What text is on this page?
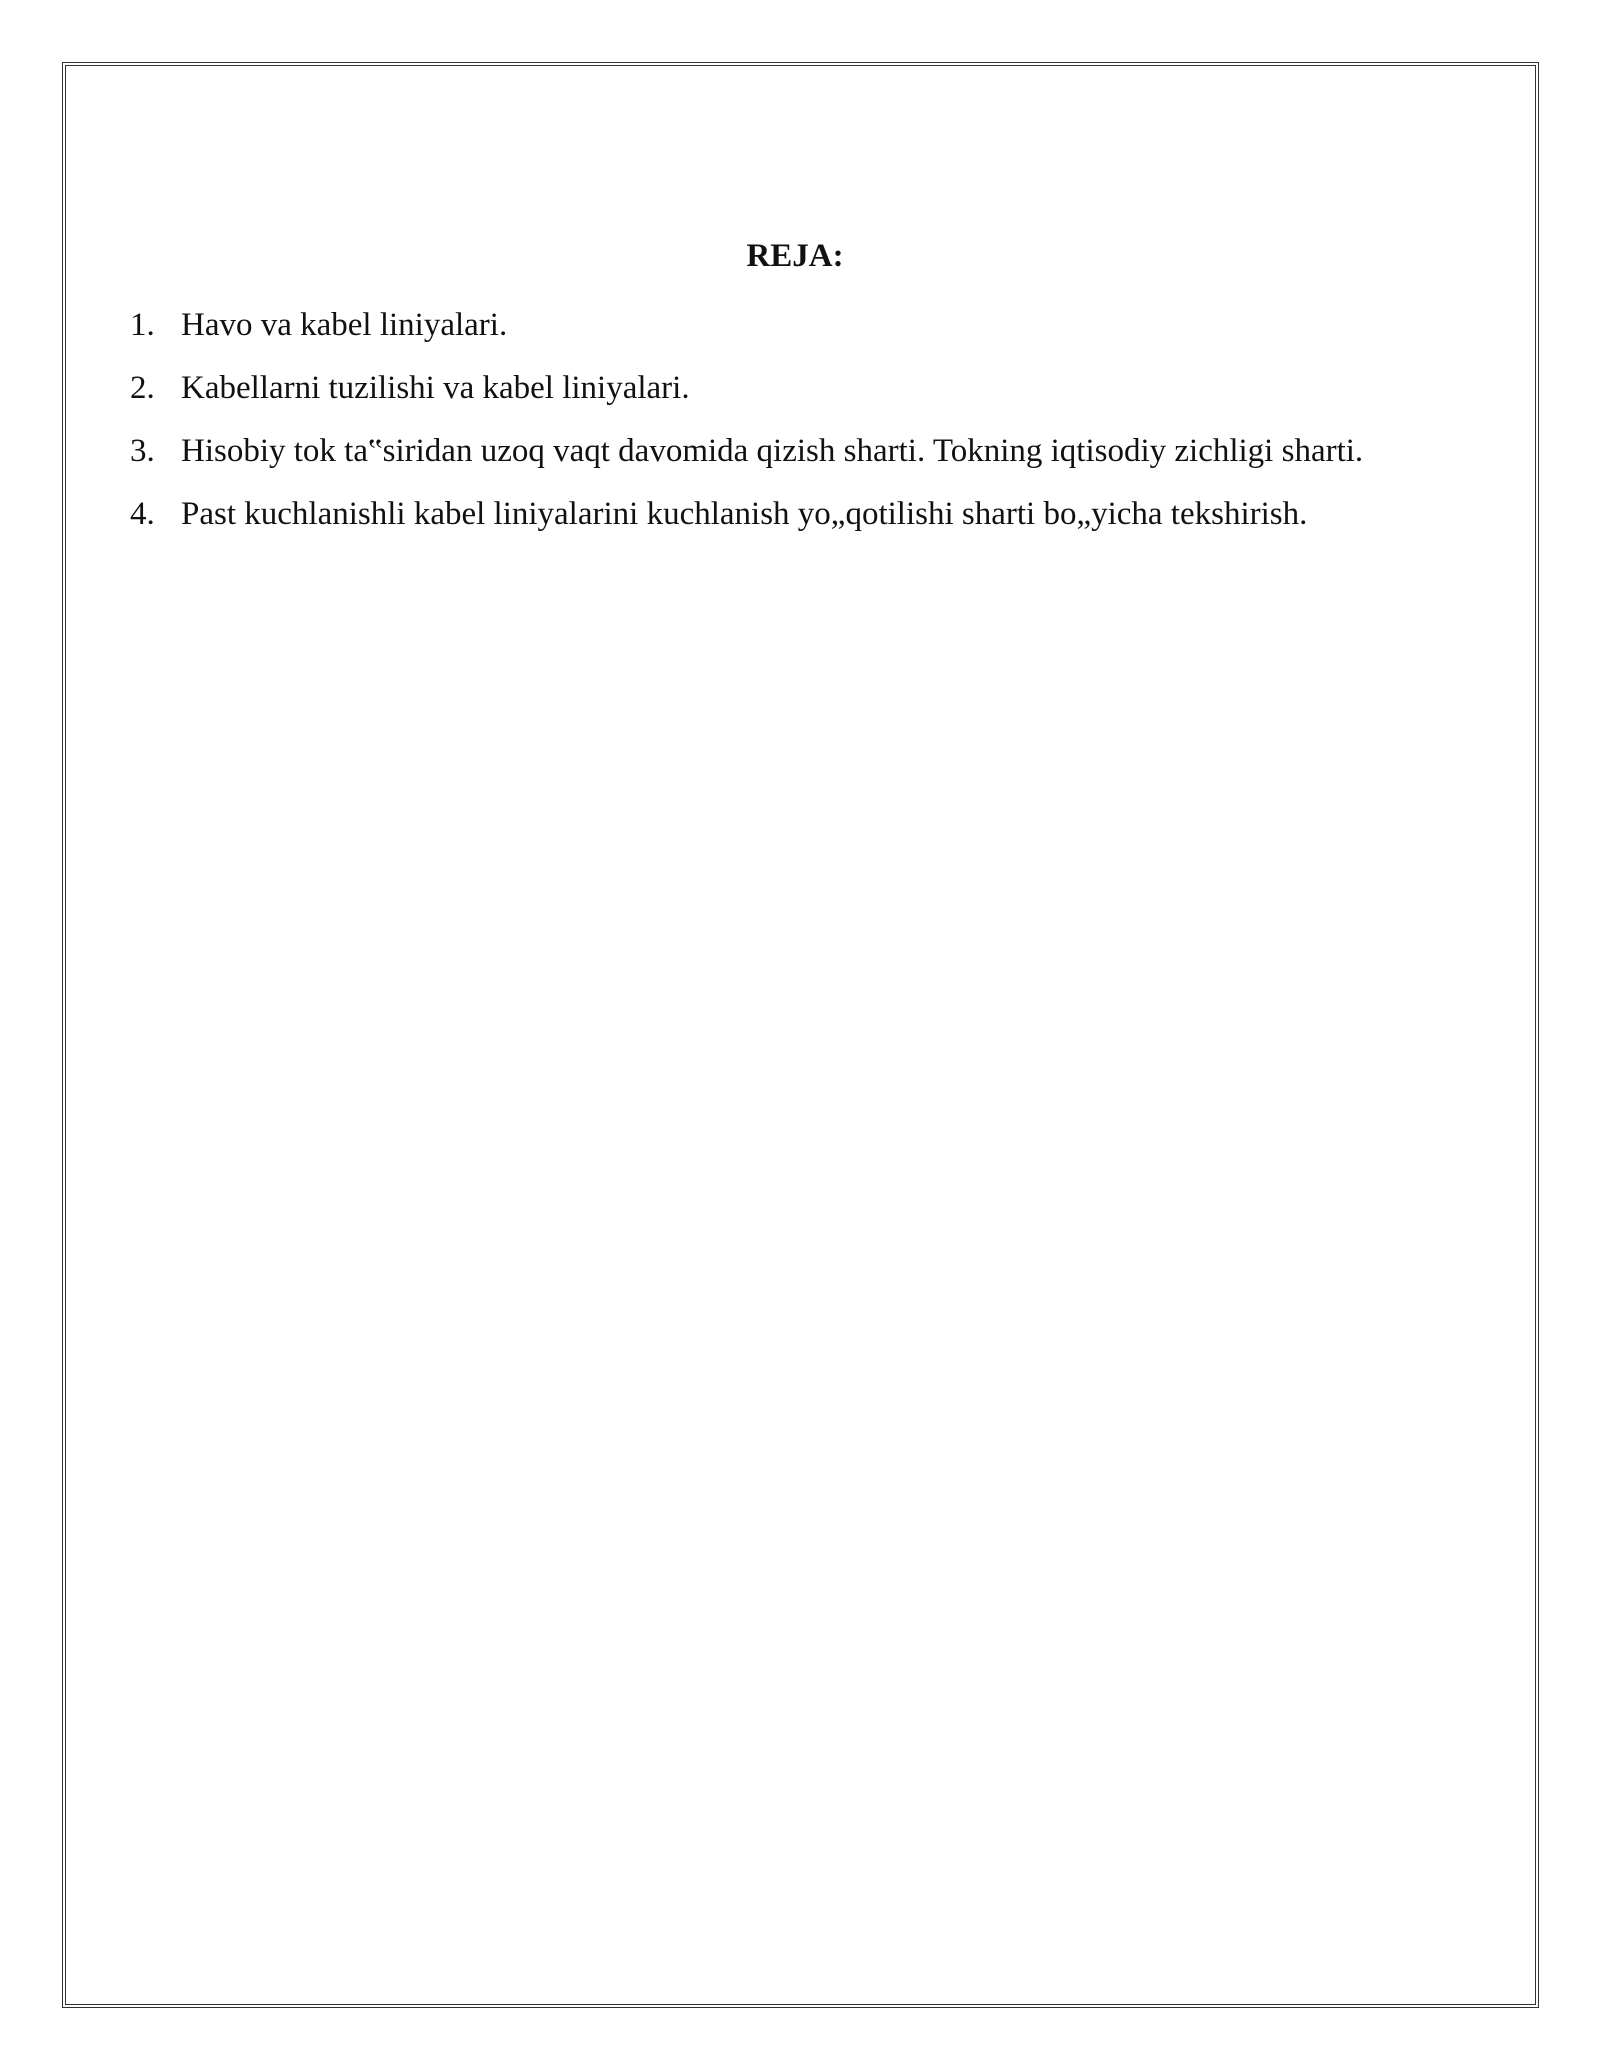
REJA:
1. Havo va kabel liniyalari.
2. Kabellarni tuzilishi va kabel liniyalari.
3. Hisobiy tok ta‟siridan uzoq vaqt davomida qizish sharti. Tokning iqtisodiy zichligi sharti.
4. Past kuchlanishli kabel liniyalarini kuchlanish yo„qotilishi sharti bo„yicha tekshirish.
